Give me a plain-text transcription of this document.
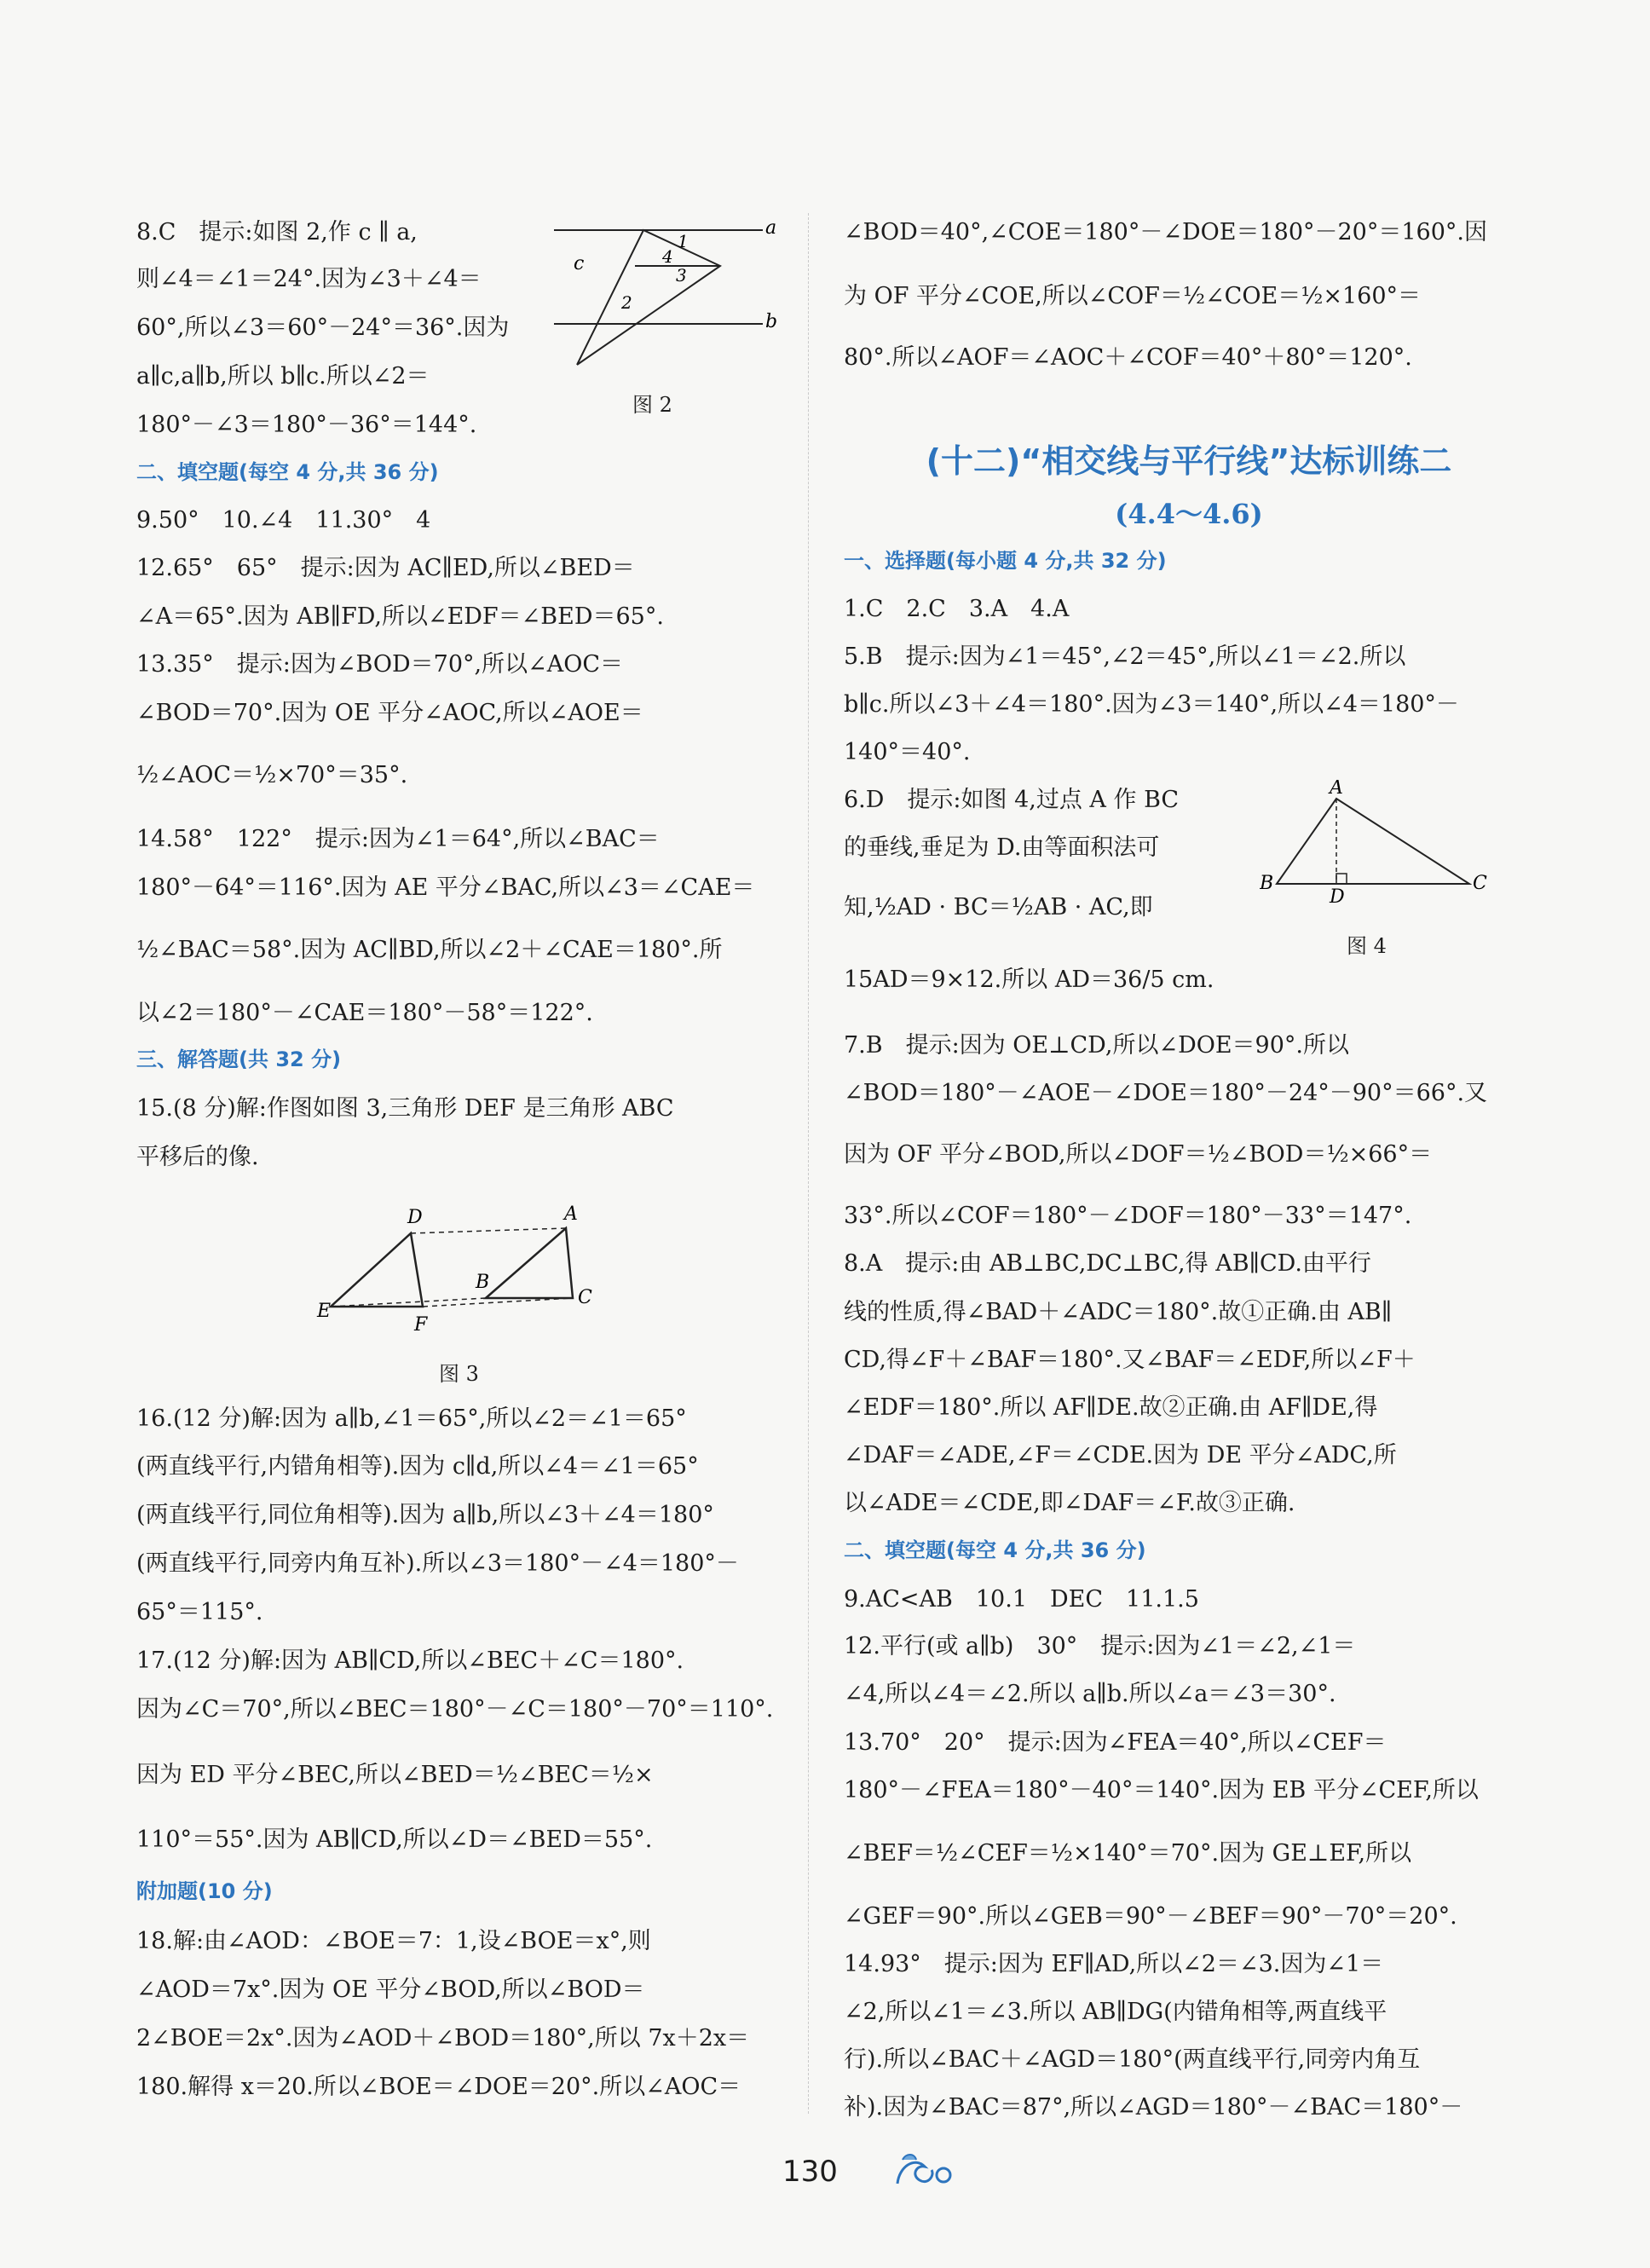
8.C　提示:如图 2,作 c ∥ a,
则∠4＝∠1＝24°.因为∠3＋∠4＝
60°,所以∠3＝60°－24°＝36°.因为
a∥c,a∥b,所以 b∥c.所以∠2＝
180°－∠3＝180°－36°＝144°.
二、填空题(每空 4 分,共 36 分)
9.50°　10.∠4　11.30°　4
12.65°　65°　提示:因为 AC∥ED,所以∠BED＝
∠A＝65°.因为 AB∥FD,所以∠EDF＝∠BED＝65°.
13.35°　提示:因为∠BOD＝70°,所以∠AOC＝
∠BOD＝70°.因为 OE 平分∠AOC,所以∠AOE＝
½∠AOC＝½×70°＝35°.
14.58°　122°　提示:因为∠1＝64°,所以∠BAC＝
180°－64°＝116°.因为 AE 平分∠BAC,所以∠3＝∠CAE＝
½∠BAC＝58°.因为 AC∥BD,所以∠2＋∠CAE＝180°.所
以∠2＝180°－∠CAE＝180°－58°＝122°.
三、解答题(共 32 分)
15.(8 分)解:作图如图 3,三角形 DEF 是三角形 ABC
平移后的像.
16.(12 分)解:因为 a∥b,∠1＝65°,所以∠2＝∠1＝65°
(两直线平行,内错角相等).因为 c∥d,所以∠4＝∠1＝65°
(两直线平行,同位角相等).因为 a∥b,所以∠3＋∠4＝180°
(两直线平行,同旁内角互补).所以∠3＝180°－∠4＝180°－
65°＝115°.
17.(12 分)解:因为 AB∥CD,所以∠BEC＋∠C＝180°.
因为∠C＝70°,所以∠BEC＝180°－∠C＝180°－70°＝110°.
因为 ED 平分∠BEC,所以∠BED＝½∠BEC＝½×
110°＝55°.因为 AB∥CD,所以∠D＝∠BED＝55°.
附加题(10 分)
18.解:由∠AOD：∠BOE＝7：1,设∠BOE＝x°,则
∠AOD＝7x°.因为 OE 平分∠BOD,所以∠BOD＝
2∠BOE＝2x°.因为∠AOD＋∠BOD＝180°,所以 7x＋2x＝
180.解得 x＝20.所以∠BOE＝∠DOE＝20°.所以∠AOC＝
∠BOD＝40°,∠COE＝180°－∠DOE＝180°－20°＝160°.因
为 OF 平分∠COE,所以∠COF＝½∠COE＝½×160°＝
80°.所以∠AOF＝∠AOC＋∠COF＝40°＋80°＝120°.
一、选择题(每小题 4 分,共 32 分)
1.C　2.C　3.A　4.A
5.B　提示:因为∠1＝45°,∠2＝45°,所以∠1＝∠2.所以
b∥c.所以∠3＋∠4＝180°.因为∠3＝140°,所以∠4＝180°－
140°＝40°.
6.D　提示:如图 4,过点 A 作 BC
的垂线,垂足为 D.由等面积法可
知,½AD · BC＝½AB · AC,即
15AD＝9×12.所以 AD＝36/5 cm.
7.B　提示:因为 OE⊥CD,所以∠DOE＝90°.所以
∠BOD＝180°－∠AOE－∠DOE＝180°－24°－90°＝66°.又
因为 OF 平分∠BOD,所以∠DOF＝½∠BOD＝½×66°＝
33°.所以∠COF＝180°－∠DOF＝180°－33°＝147°.
8.A　提示:由 AB⊥BC,DC⊥BC,得 AB∥CD.由平行
线的性质,得∠BAD＋∠ADC＝180°.故①正确.由 AB∥
CD,得∠F＋∠BAF＝180°.又∠BAF＝∠EDF,所以∠F＋
∠EDF＝180°.所以 AF∥DE.故②正确.由 AF∥DE,得
∠DAF＝∠ADE,∠F＝∠CDE.因为 DE 平分∠ADC,所
以∠ADE＝∠CDE,即∠DAF＝∠F.故③正确.
二、填空题(每空 4 分,共 36 分)
9.AC<AB　10.1　DEC　11.1.5
12.平行(或 a∥b)　30°　提示:因为∠1＝∠2,∠1＝
∠4,所以∠4＝∠2.所以 a∥b.所以∠a＝∠3＝30°.
13.70°　20°　提示:因为∠FEA＝40°,所以∠CEF＝
180°－∠FEA＝180°－40°＝140°.因为 EB 平分∠CEF,所以
∠BEF＝½∠CEF＝½×140°＝70°.因为 GE⊥EF,所以
∠GEF＝90°.所以∠GEB＝90°－∠BEF＝90°－70°＝20°.
14.93°　提示:因为 EF∥AD,所以∠2＝∠3.因为∠1＝
∠2,所以∠1＝∠3.所以 AB∥DG(内错角相等,两直线平
行).所以∠BAC＋∠AGD＝180°(两直线平行,同旁内角互
补).因为∠BAC＝87°,所以∠AGD＝180°－∠BAC＝180°－
(十二)“相交线与平行线”达标训练二
(4.4～4.6)
a
b
c
1
4
3
2
图 2
D	A
E
F
B
C
图 3
A
B	C
D
图 4
130
